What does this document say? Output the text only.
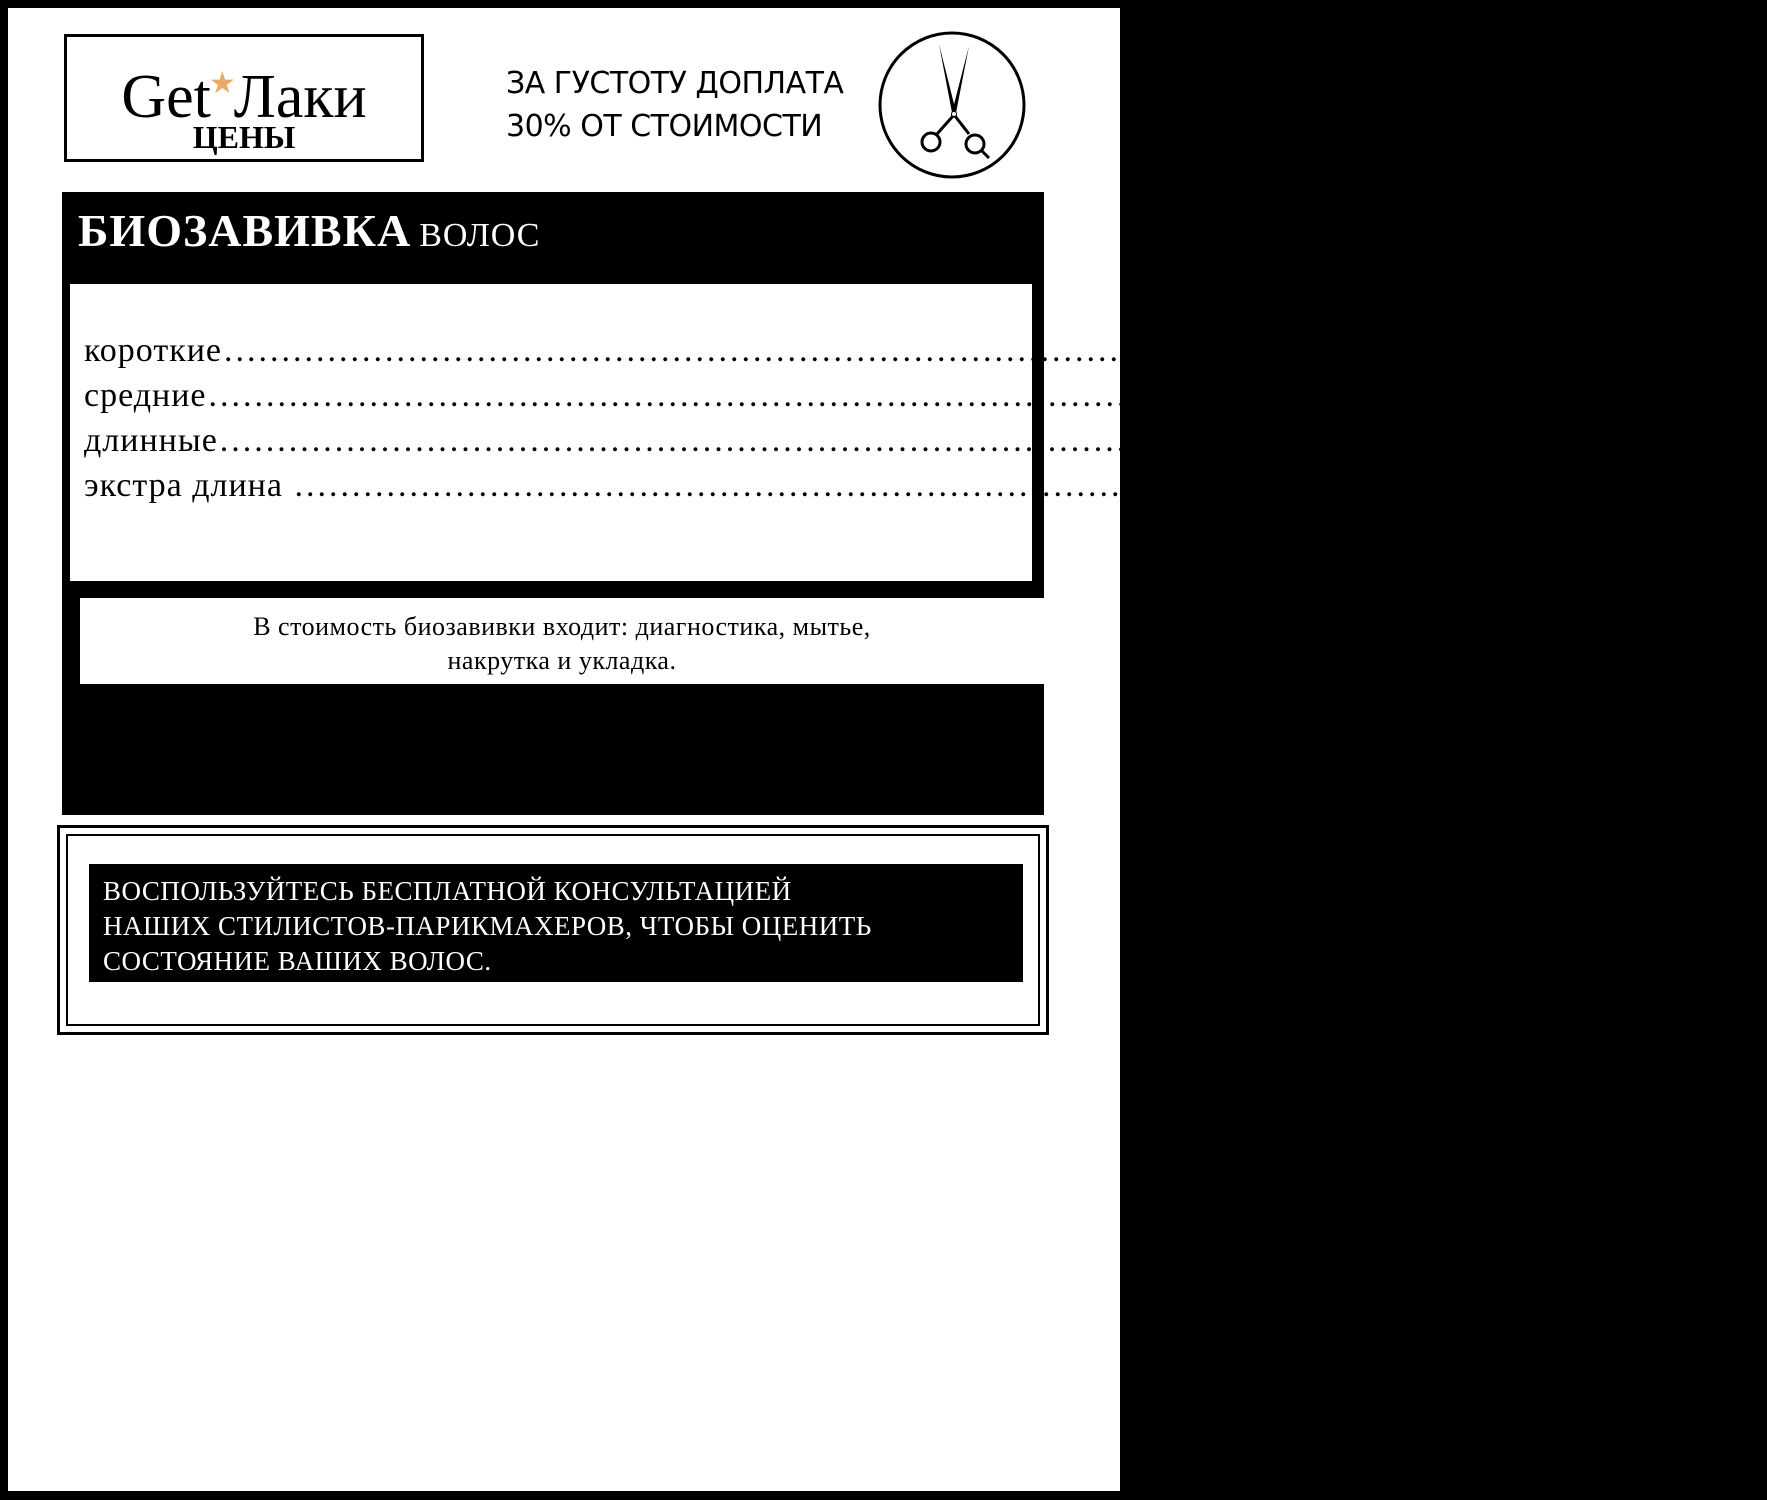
Get★Лаки
ЦЕНЫ
ЗА ГУСТОТУ ДОПЛАТА
30% ОТ СТОИМОСТИ
БИОЗАВИВКА ВОЛОС
короткие ...................................................................................................................... 5700р
средние ...................................................................................................................... .6800р
длинные ...................................................................................................................... 7950р
экстра длина ...................................................................................................................... 10250р
В стоимость биозавивки входит: диагностика, мытье,
накрутка и укладка.
ВОСПОЛЬЗУЙТЕСЬ БЕСПЛАТНОЙ КОНСУЛЬТАЦИЕЙ
НАШИХ СТИЛИСТОВ-ПАРИКМАХЕРОВ, ЧТОБЫ ОЦЕНИТЬ
СОСТОЯНИЕ ВАШИХ ВОЛОС.
